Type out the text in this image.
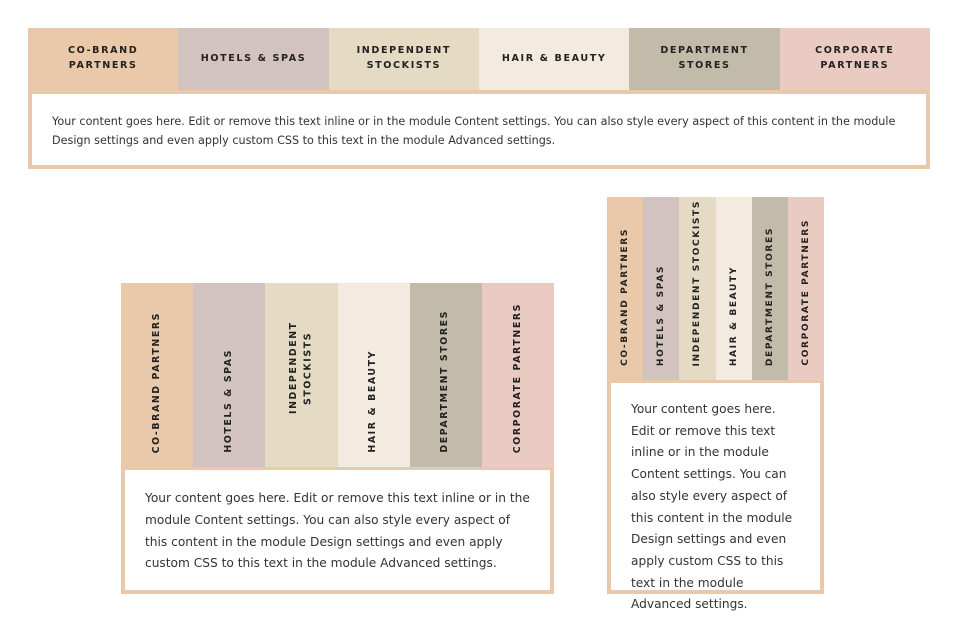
CO-BRAND PARTNERS
HOTELS & SPAS
INDEPENDENT STOCKISTS
HAIR & BEAUTY
DEPARTMENT STORES
CORPORATE PARTNERS
Your content goes here. Edit or remove this text inline or in the module Content settings. You can also style every aspect of this content in the module Design settings and even apply custom CSS to this text in the module Advanced settings.
CO-BRAND PARTNERS	HOTELS & SPAS	INDEPENDENT STOCKISTS	HAIR & BEAUTY	DEPARTMENT STORES	CORPORATE PARTNERS
Your content goes here. Edit or remove this text inline or in the module Content settings. You can also style every aspect of this content in the module Design settings and even apply custom CSS to this text in the module Advanced settings.
CO-BRAND PARTNERS	HOTELS & SPAS	INDEPENDENT STOCKISTS	HAIR & BEAUTY	DEPARTMENT STORES	CORPORATE PARTNERS
Your content goes here. Edit or remove this text inline or in the module Content settings. You can also style every aspect of this content in the module Design settings and even apply custom CSS to this text in the module Advanced settings.
